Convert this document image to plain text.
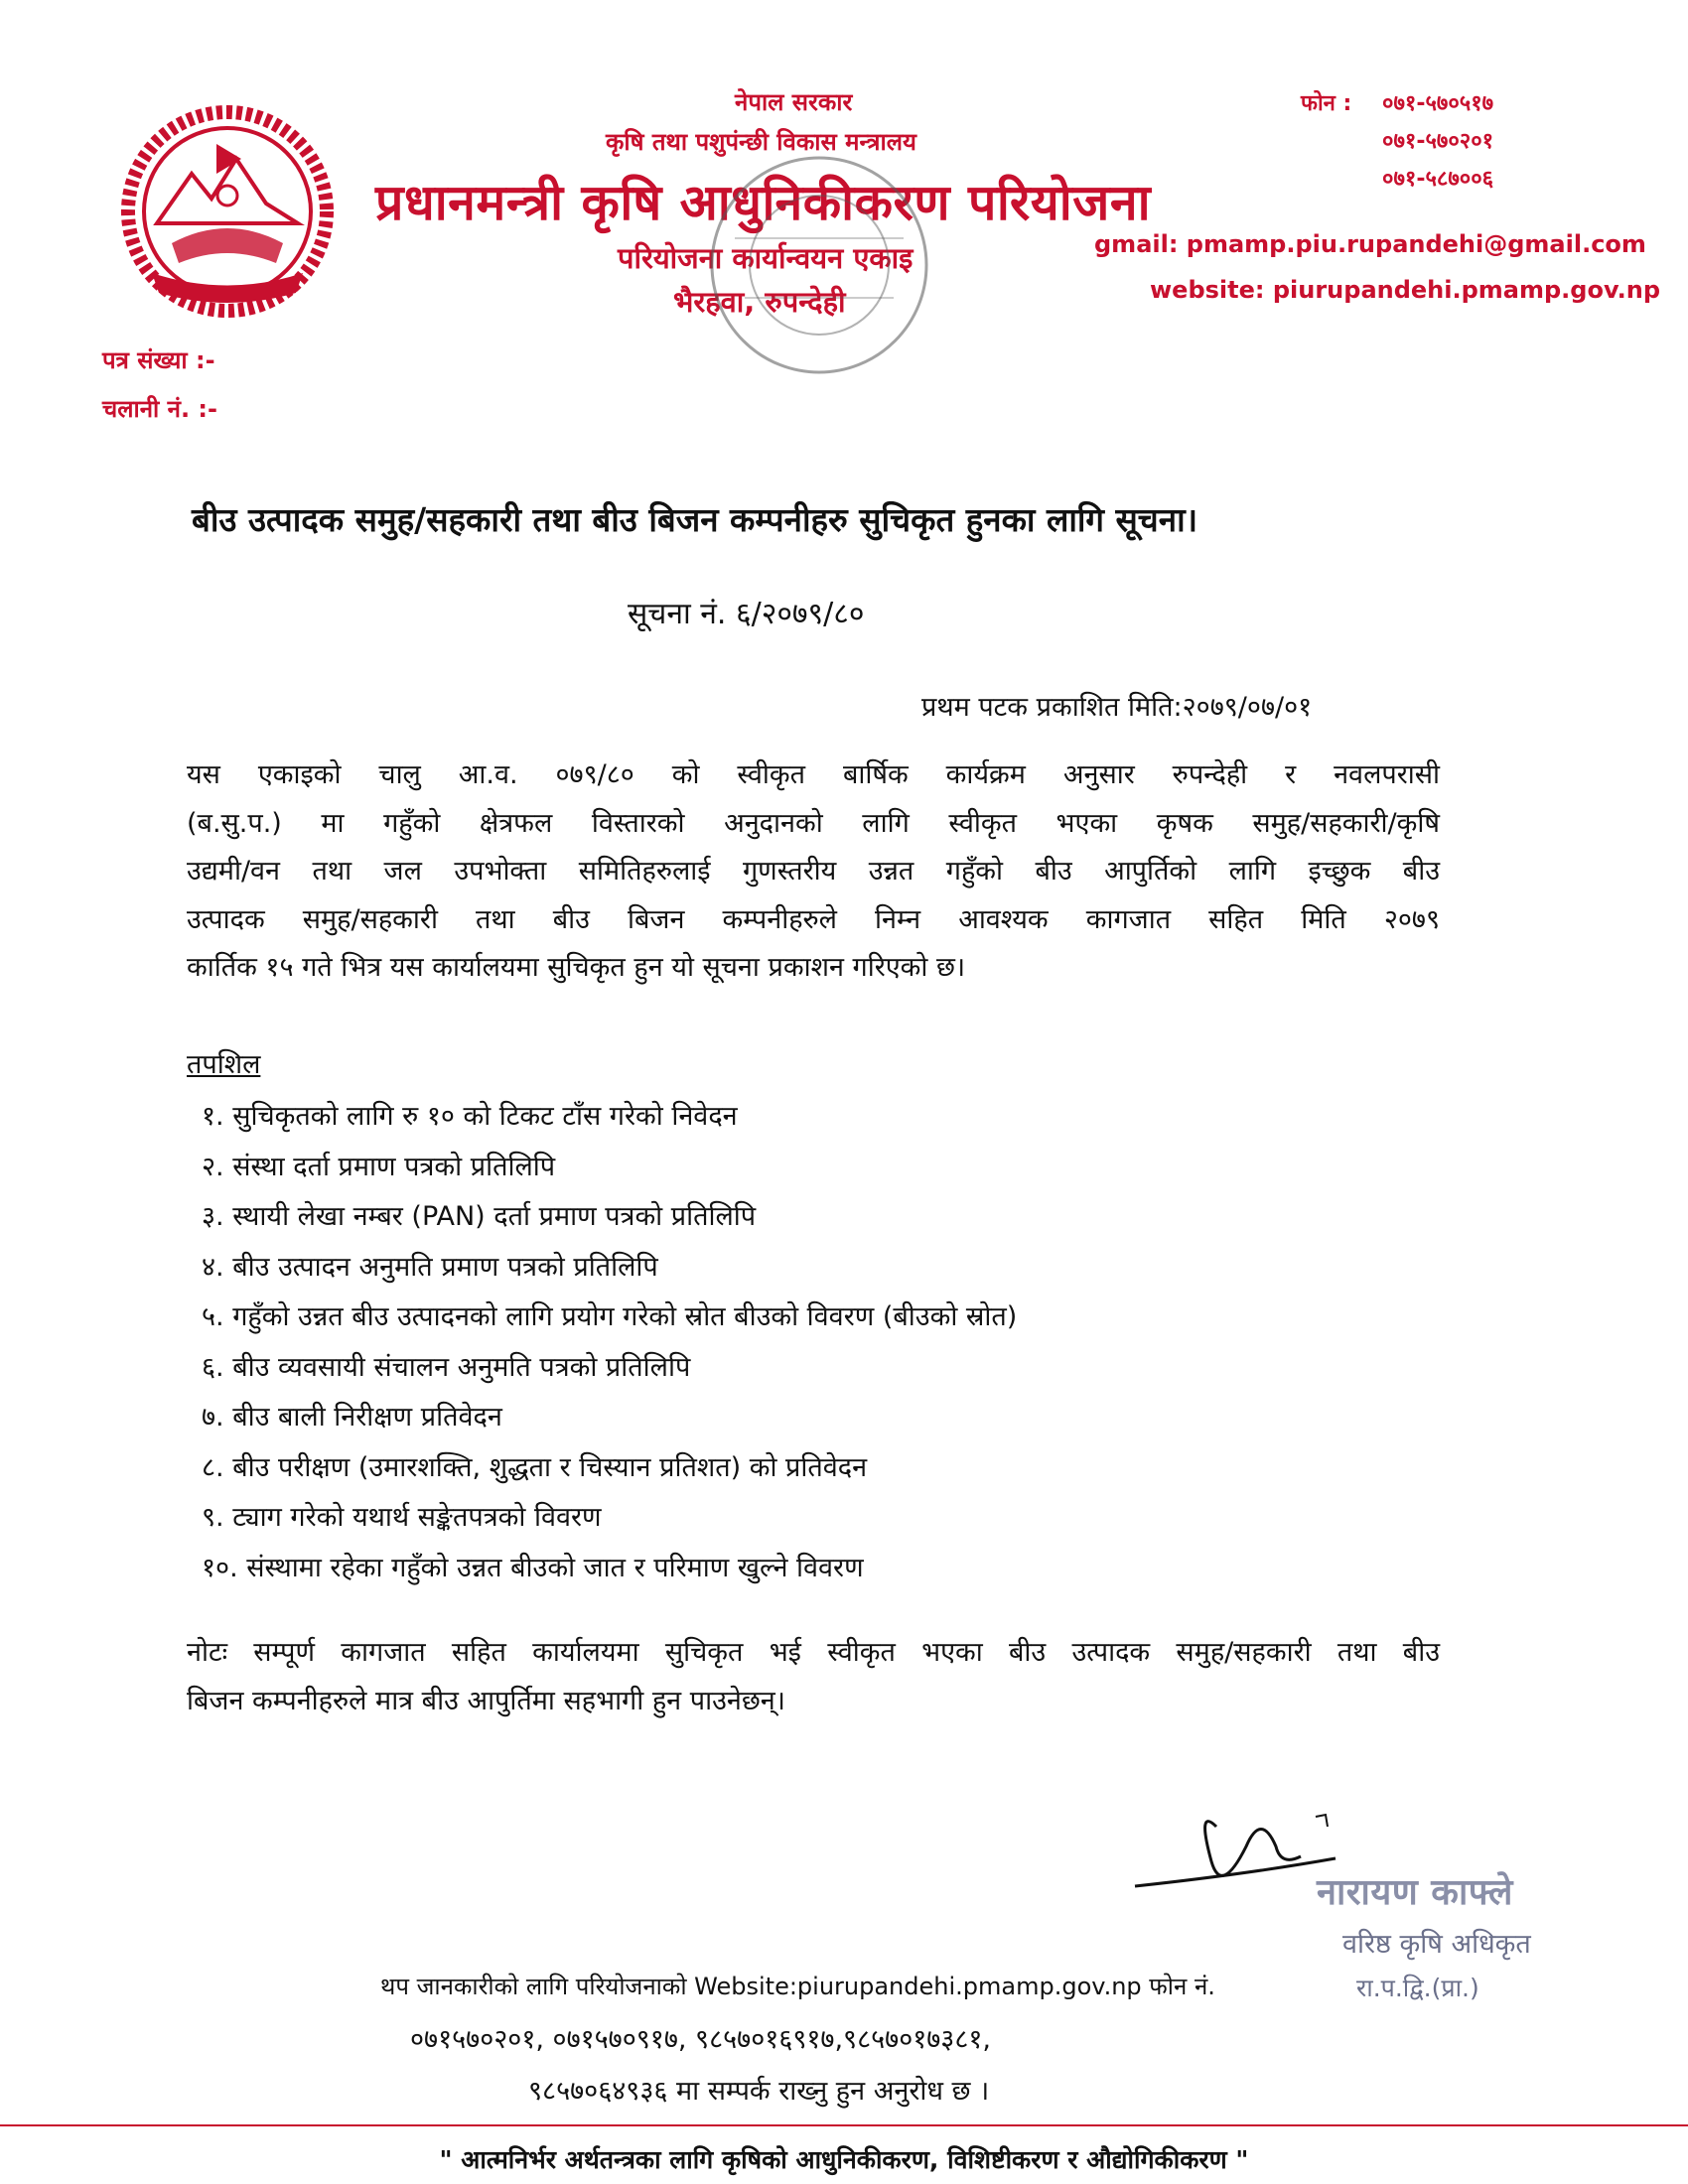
नेपाल सरकार
कृषि तथा पशुपंन्छी विकास मन्त्रालय
प्रधानमन्त्री कृषि आधुनिकीकरण परियोजना
परियोजना कार्यान्वयन एकाइ
भैरहवा, रुपन्देही
फोन : ०७१-५७०५१७
०७१-५७०२०१
०७१-५८७००६
gmail: pmamp.piu.rupandehi@gmail.com
website: piurupandehi.pmamp.gov.np
पत्र संख्या :-
चलानी नं. :-
बीउ उत्पादक समुह/सहकारी तथा बीउ बिजन कम्पनीहरु सुचिकृत हुनका लागि सूचना।
सूचना नं. ६/२०७९/८०
प्रथम पटक प्रकाशित मिति:२०७९/०७/०१
यस एकाइको चालु आ.व. ०७९/८० को स्वीकृत बार्षिक कार्यक्रम अनुसार रुपन्देही र नवलपरासी
(ब.सु.प.) मा गहुँको क्षेत्रफल विस्तारको अनुदानको लागि स्वीकृत भएका कृषक समुह/सहकारी/कृषि
उद्यमी/वन तथा जल उपभोक्ता समितिहरुलाई गुणस्तरीय उन्नत गहुँको बीउ आपुर्तिको लागि इच्छुक बीउ
उत्पादक समुह/सहकारी तथा बीउ बिजन कम्पनीहरुले निम्न आवश्यक कागजात सहित मिति २०७९
कार्तिक १५ गते भित्र यस कार्यालयमा सुचिकृत हुन यो सूचना प्रकाशन गरिएको छ।
तपशिल
१. सुचिकृतको लागि रु १० को टिकट टाँस गरेको निवेदन
२. संस्था दर्ता प्रमाण पत्रको प्रतिलिपि
३. स्थायी लेखा नम्बर (PAN) दर्ता प्रमाण पत्रको प्रतिलिपि
४. बीउ उत्पादन अनुमति प्रमाण पत्रको प्रतिलिपि
५. गहुँको उन्नत बीउ उत्पादनको लागि प्रयोग गरेको स्रोत बीउको विवरण (बीउको स्रोत)
६. बीउ व्यवसायी संचालन अनुमति पत्रको प्रतिलिपि
७. बीउ बाली निरीक्षण प्रतिवेदन
८. बीउ परीक्षण (उमारशक्ति, शुद्धता र चिस्यान प्रतिशत) को प्रतिवेदन
९. ट्याग गरेको यथार्थ सङ्केतपत्रको विवरण
१०. संस्थामा रहेका गहुँको उन्नत बीउको जात र परिमाण खुल्ने विवरण
नोटः सम्पूर्ण कागजात सहित कार्यालयमा सुचिकृत भई स्वीकृत भएका बीउ उत्पादक समुह/सहकारी तथा बीउ
बिजन कम्पनीहरुले मात्र बीउ आपुर्तिमा सहभागी हुन पाउनेछन्।
नारायण काफ्ले
वरिष्ठ कृषि अधिकृत
रा.प.द्वि.(प्रा.)
थप जानकारीको लागि परियोजनाको Website:piurupandehi.pmamp.gov.np फोन नं.
०७१५७०२०१, ०७१५७०९१७, ९८५७०१६९१७,९८५७०१७३८१,
९८५७०६४९३६ मा सम्पर्क राख्नु हुन अनुरोध छ ।
" आत्मनिर्भर अर्थतन्त्रका लागि कृषिको आधुनिकीकरण, विशिष्टीकरण र औद्योगिकीकरण "
